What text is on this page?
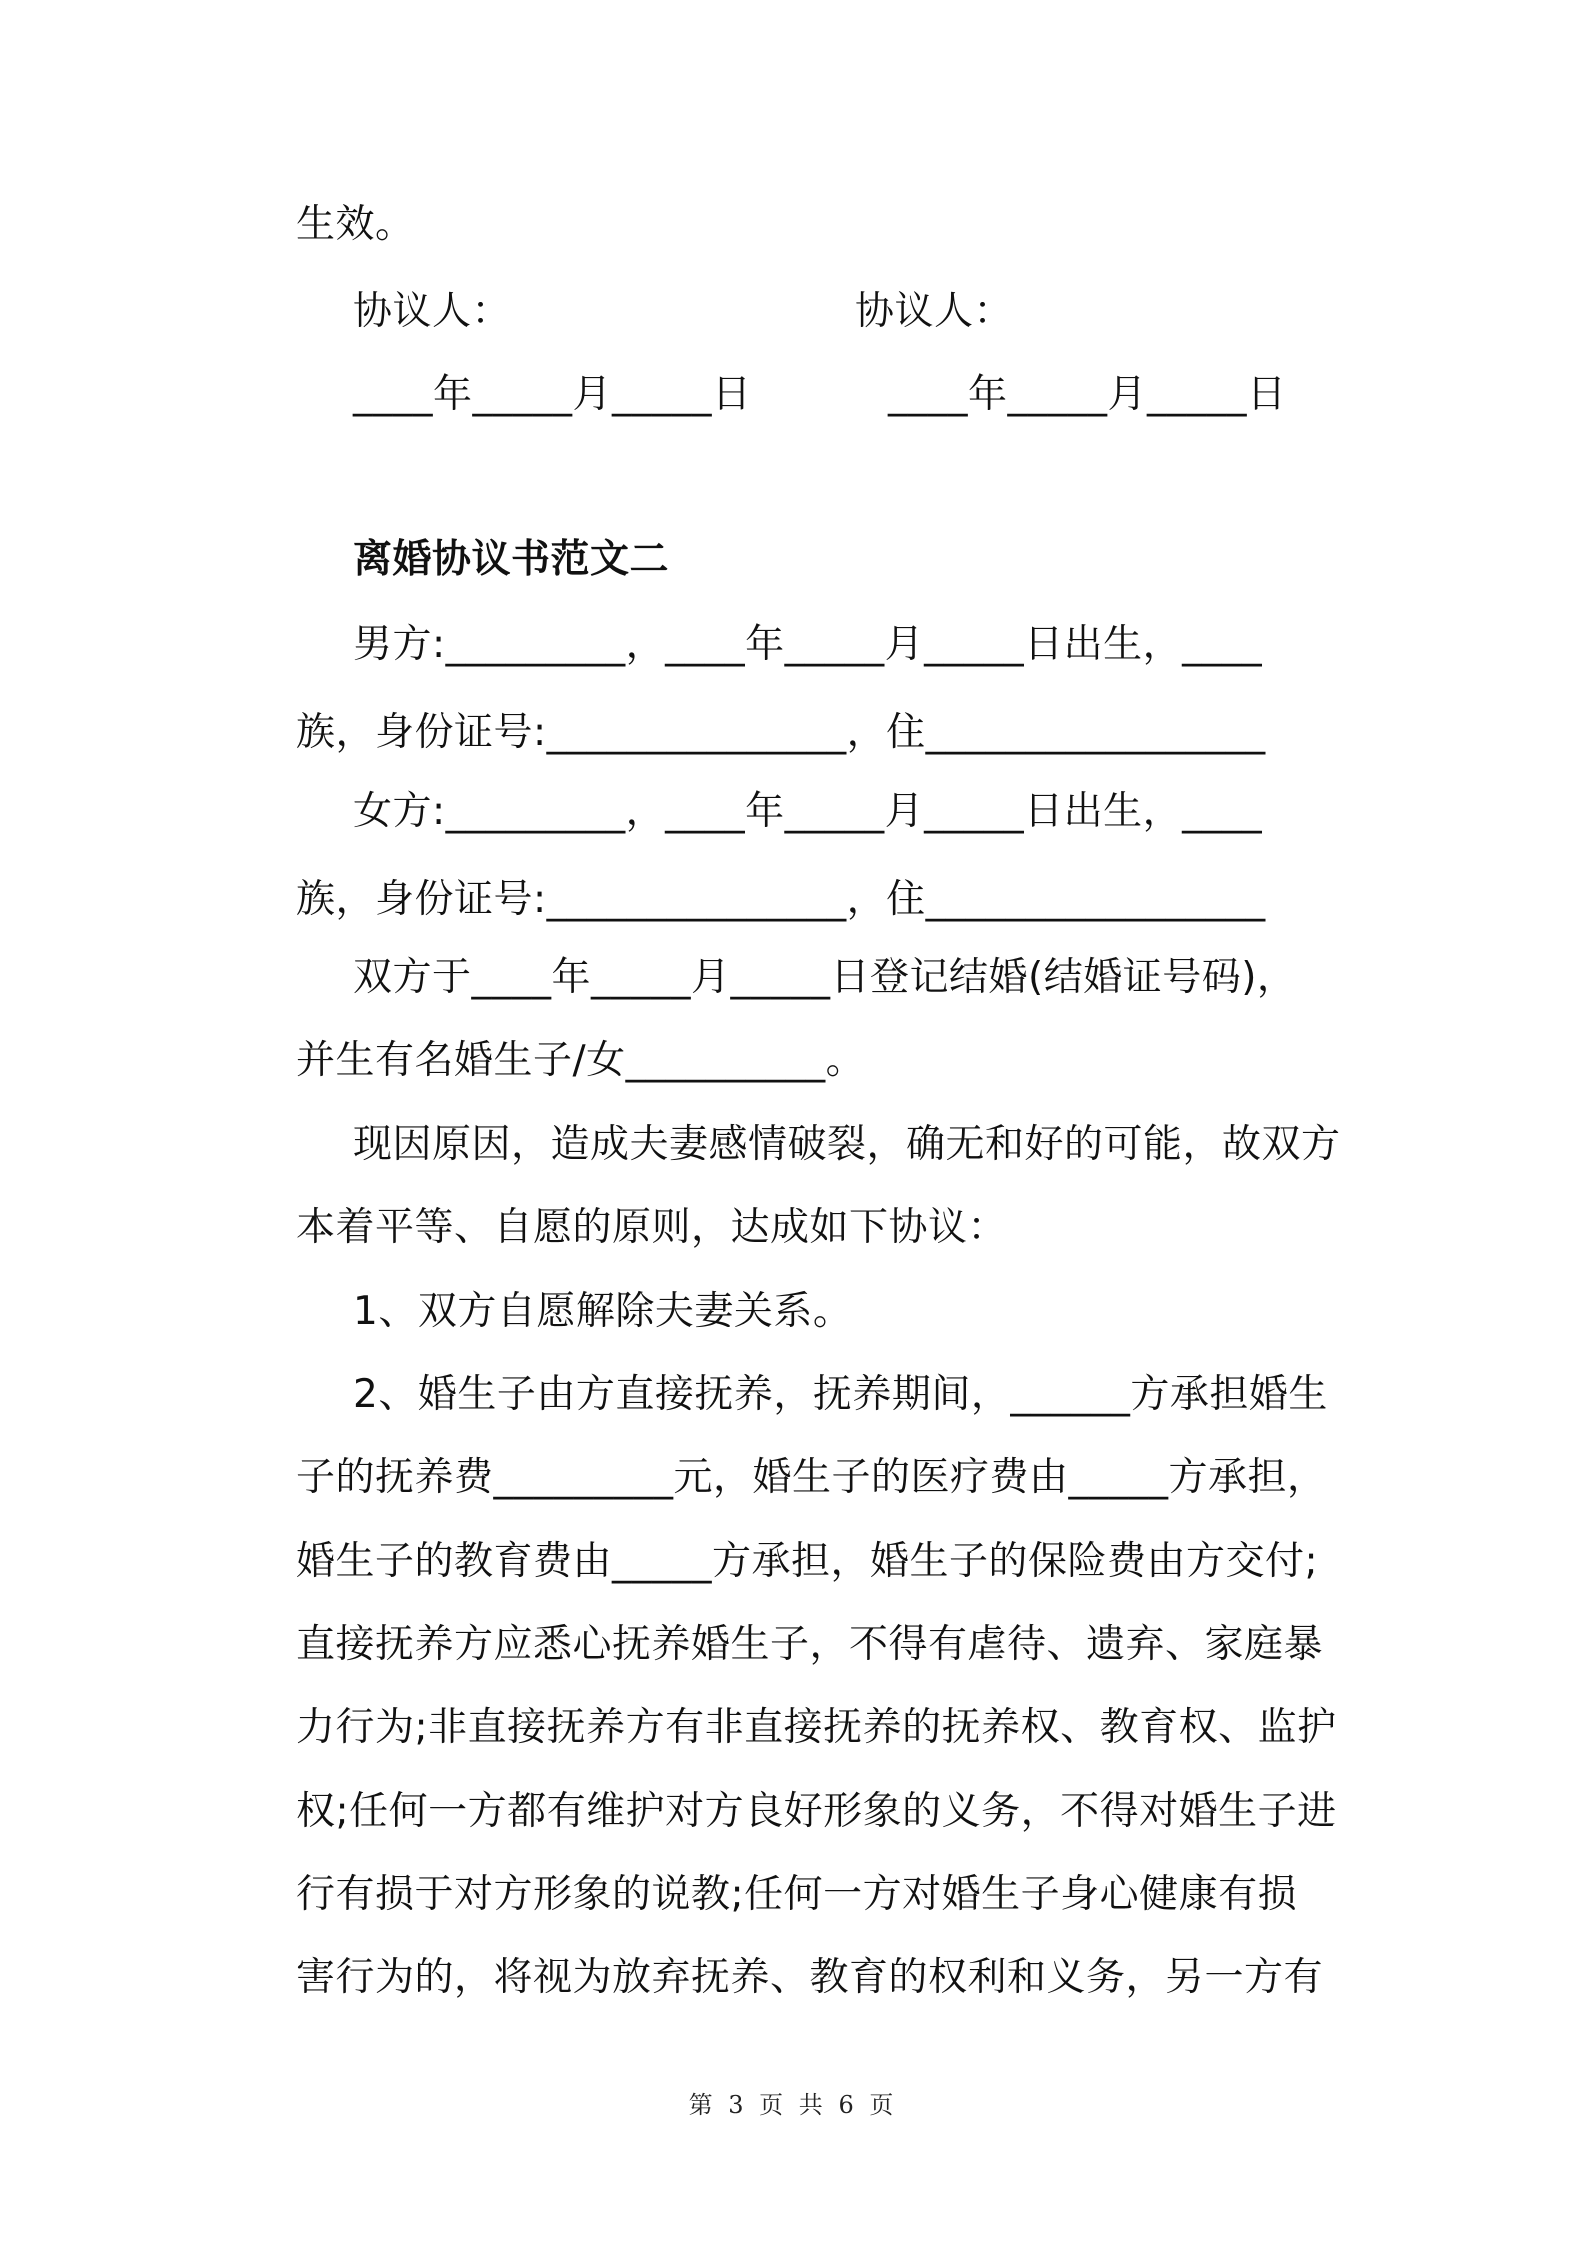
生效。
协议人：	协议人：
____年_____月_____日	____年_____月_____日
离婚协议书范文二
男方:_________，____年_____月_____日出生，____
族，身份证号:_______________，住_________________
女方:_________，____年_____月_____日出生，____
族，身份证号:_______________，住_________________
双方于____年_____月_____日登记结婚(结婚证号码)，
并生有名婚生子/女__________。
现因原因，造成夫妻感情破裂，确无和好的可能，故双方
本着平等、自愿的原则，达成如下协议：
1、双方自愿解除夫妻关系。
2、婚生子由方直接抚养，抚养期间，______方承担婚生
子的抚养费_________元，婚生子的医疗费由_____方承担，
婚生子的教育费由_____方承担，婚生子的保险费由方交付;
直接抚养方应悉心抚养婚生子，不得有虐待、遗弃、家庭暴
力行为;非直接抚养方有非直接抚养的抚养权、教育权、监护
权;任何一方都有维护对方良好形象的义务，不得对婚生子进
行有损于对方形象的说教;任何一方对婚生子身心健康有损
害行为的，将视为放弃抚养、教育的权利和义务，另一方有
第 3 页 共 6 页
